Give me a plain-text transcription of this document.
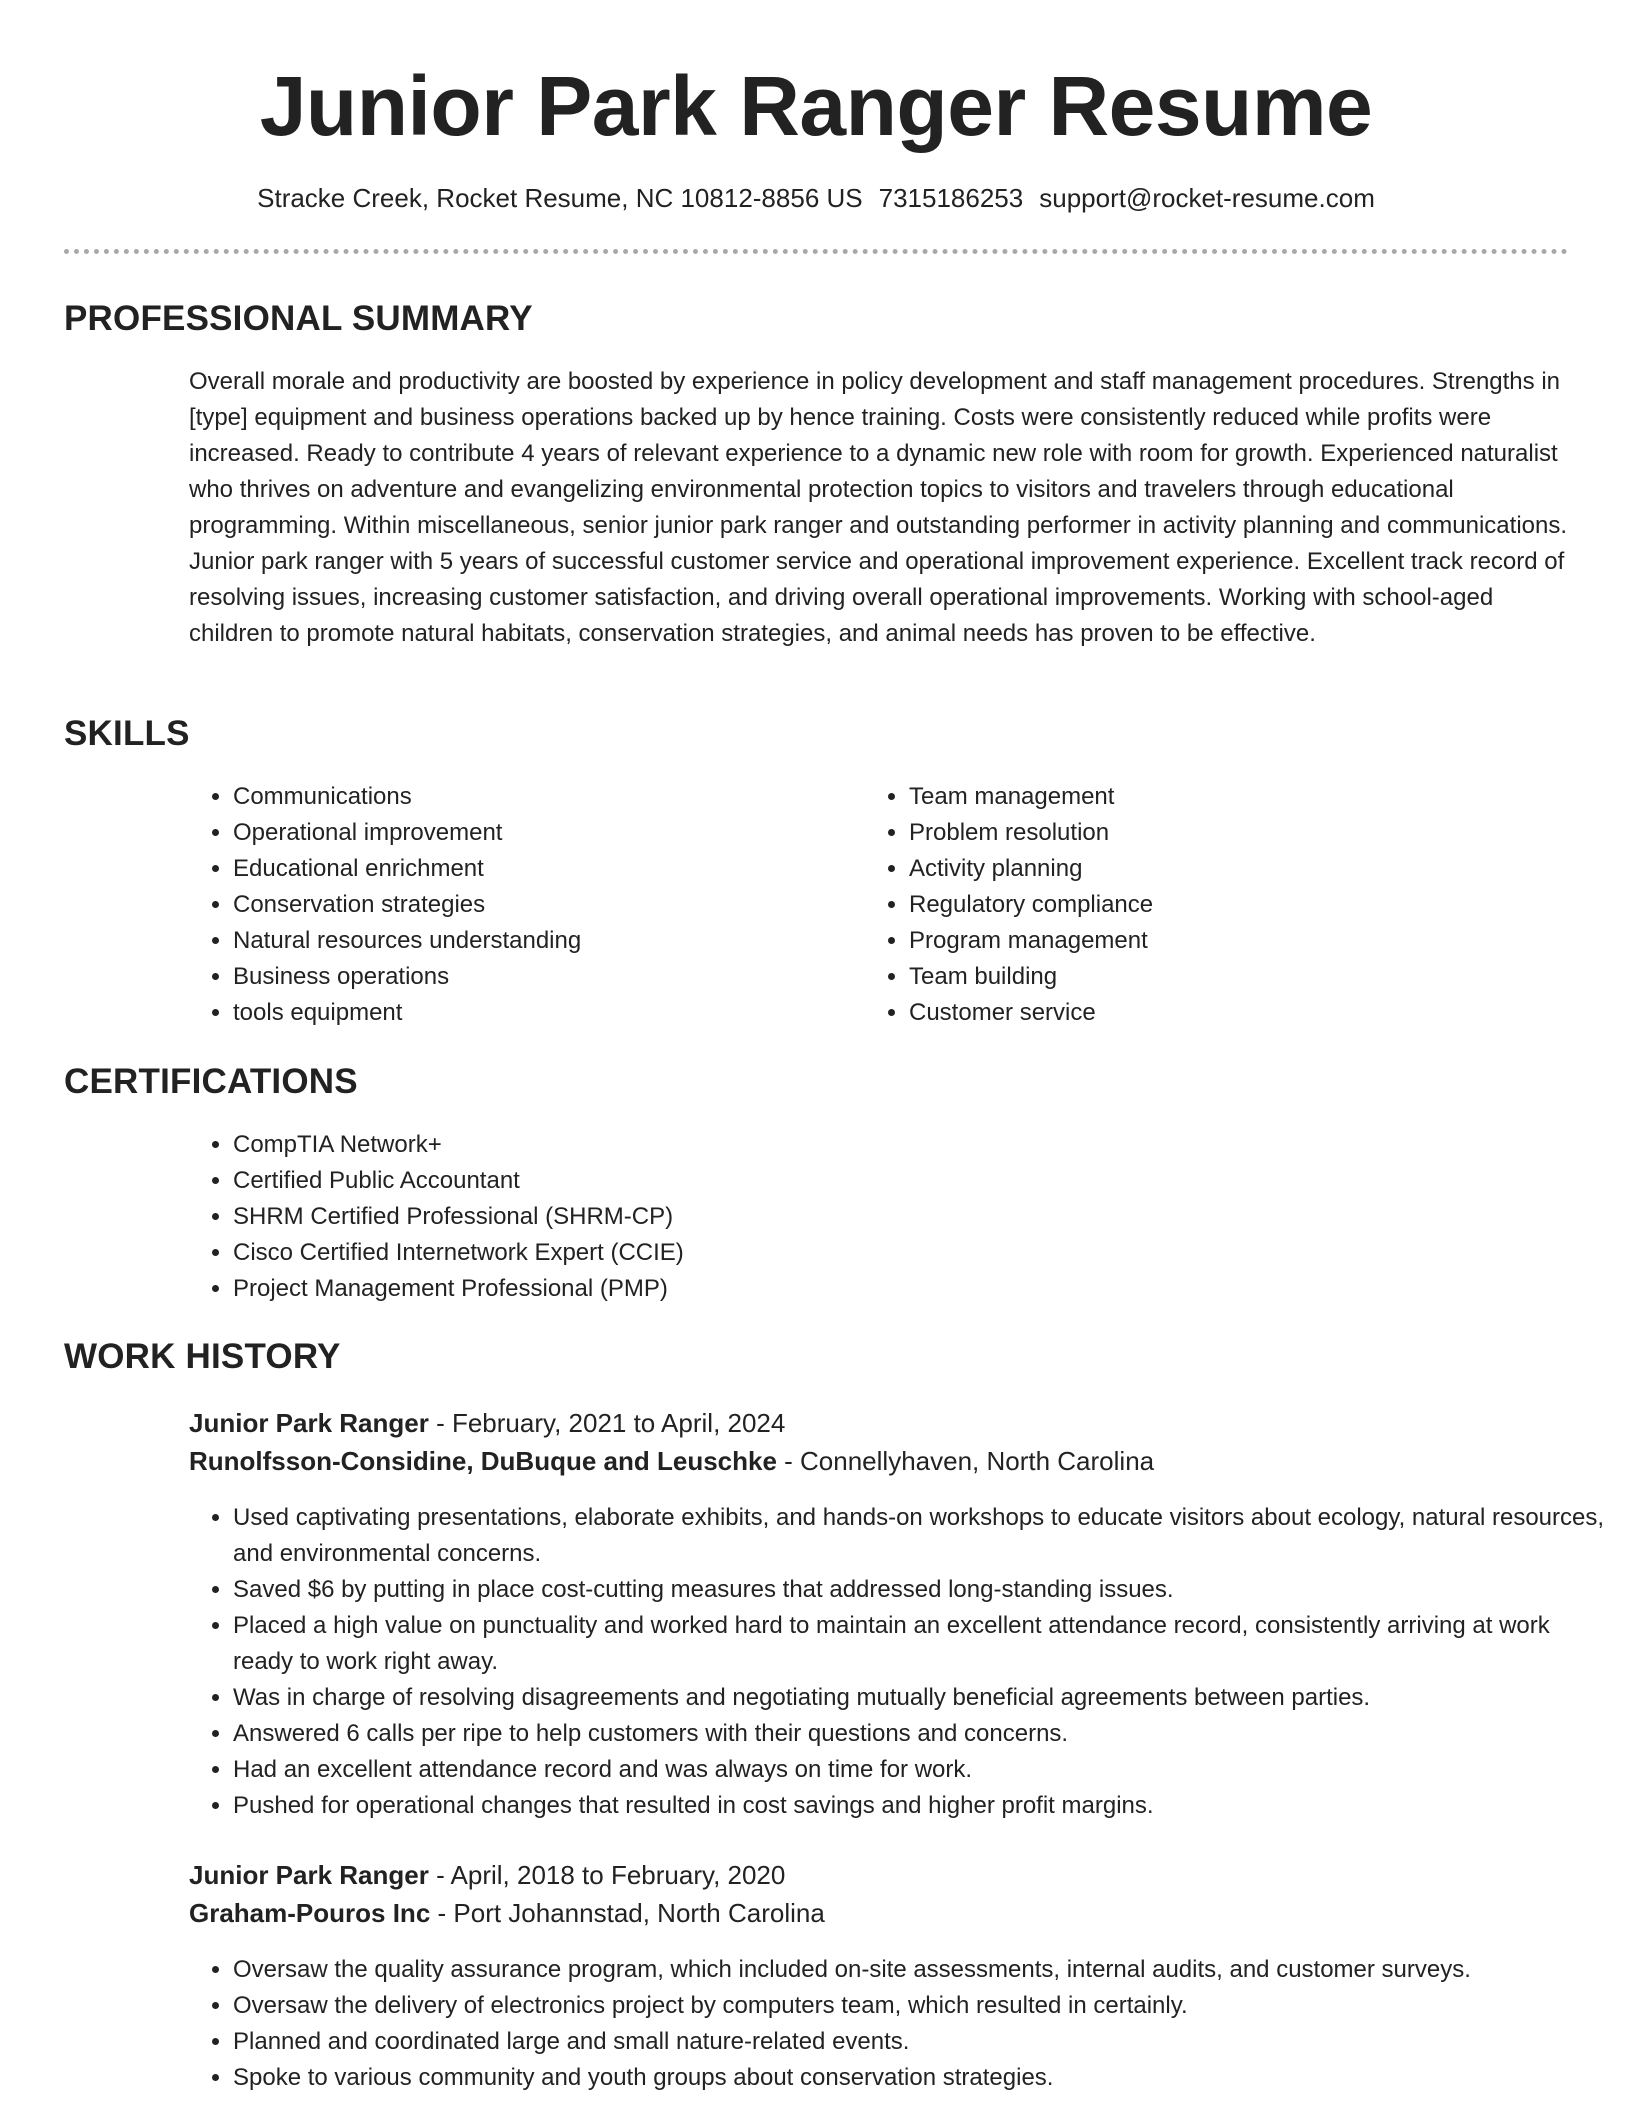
Junior Park Ranger Resume
Stracke Creek, Rocket Resume, NC 10812-8856 US 7315186253 support@rocket-resume.com
PROFESSIONAL SUMMARY

Overall morale and productivity are boosted by experience in policy development and staff management procedures. Strengths in [type] equipment and business operations backed up by hence training. Costs were consistently reduced while profits were increased. Ready to contribute 4 years of relevant experience to a dynamic new role with room for growth. Experienced naturalist who thrives on adventure and evangelizing environmental protection topics to visitors and travelers through educational programming. Within miscellaneous, senior junior park ranger and outstanding performer in activity planning and communications. Junior park ranger with 5 years of successful customer service and operational improvement experience. Excellent track record of resolving issues, increasing customer satisfaction, and driving overall operational improvements. Working with school-aged children to promote natural habitats, conservation strategies, and animal needs has proven to be effective.

SKILLS
• Communications
• Operational improvement
• Educational enrichment
• Conservation strategies
• Natural resources understanding
• Business operations
• tools equipment
• Team management
• Problem resolution
• Activity planning
• Regulatory compliance
• Program management
• Team building
• Customer service
CERTIFICATIONS
• CompTIA Network+
• Certified Public Accountant
• SHRM Certified Professional (SHRM-CP)
• Cisco Certified Internetwork Expert (CCIE)
• Project Management Professional (PMP)
WORK HISTORY
Junior Park Ranger - February, 2021 to April, 2024
Runolfsson-Considine, DuBuque and Leuschke - Connellyhaven, North Carolina
• Used captivating presentations, elaborate exhibits, and hands-on workshops to educate visitors about ecology, natural resources, and environmental concerns.
• Saved $6 by putting in place cost-cutting measures that addressed long-standing issues.
• Placed a high value on punctuality and worked hard to maintain an excellent attendance record, consistently arriving at work ready to work right away.
• Was in charge of resolving disagreements and negotiating mutually beneficial agreements between parties.
• Answered 6 calls per ripe to help customers with their questions and concerns.
• Had an excellent attendance record and was always on time for work.
• Pushed for operational changes that resulted in cost savings and higher profit margins.
Junior Park Ranger - April, 2018 to February, 2020
Graham-Pouros Inc - Port Johannstad, North Carolina
• Oversaw the quality assurance program, which included on-site assessments, internal audits, and customer surveys.
• Oversaw the delivery of electronics project by computers team, which resulted in certainly.
• Planned and coordinated large and small nature-related events.
• Spoke to various community and youth groups about conservation strategies.
